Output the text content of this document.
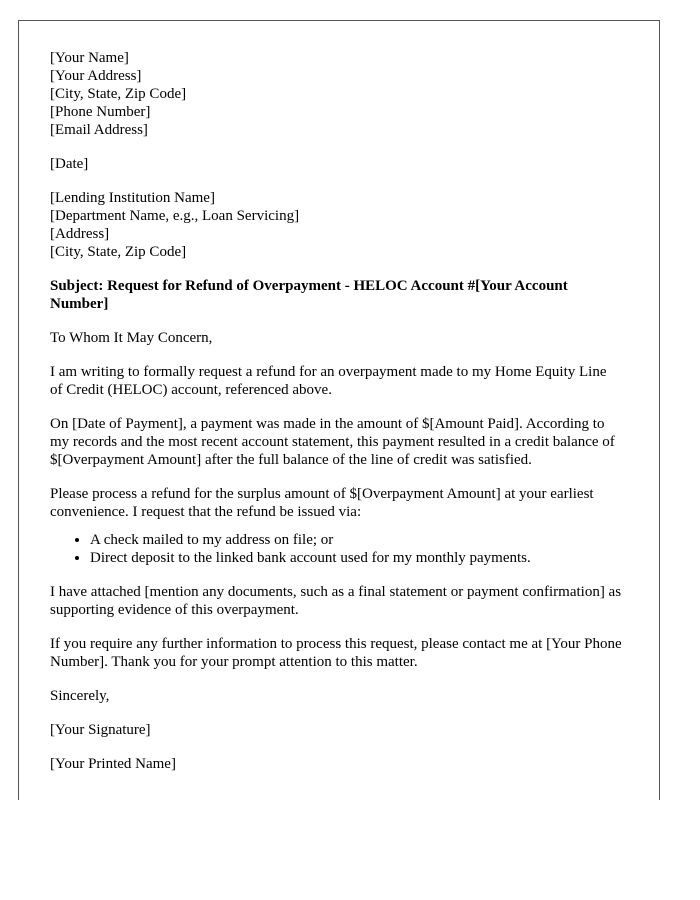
[Your Name]
[Your Address]
[City, State, Zip Code]
[Phone Number]
[Email Address]

[Date]

[Lending Institution Name]
[Department Name, e.g., Loan Servicing]
[Address]
[City, State, Zip Code]

Subject: Request for Refund of Overpayment - HELOC Account #[Your Account Number]

To Whom It May Concern,

I am writing to formally request a refund for an overpayment made to my Home Equity Line of Credit (HELOC) account, referenced above.

On [Date of Payment], a payment was made in the amount of $[Amount Paid]. According to my records and the most recent account statement, this payment resulted in a credit balance of $[Overpayment Amount] after the full balance of the line of credit was satisfied.

Please process a refund for the surplus amount of $[Overpayment Amount] at your earliest convenience. I request that the refund be issued via:

• A check mailed to my address on file; or
• Direct deposit to the linked bank account used for my monthly payments.

I have attached [mention any documents, such as a final statement or payment confirmation] as supporting evidence of this overpayment.

If you require any further information to process this request, please contact me at [Your Phone Number]. Thank you for your prompt attention to this matter.

Sincerely,

[Your Signature]

[Your Printed Name]
